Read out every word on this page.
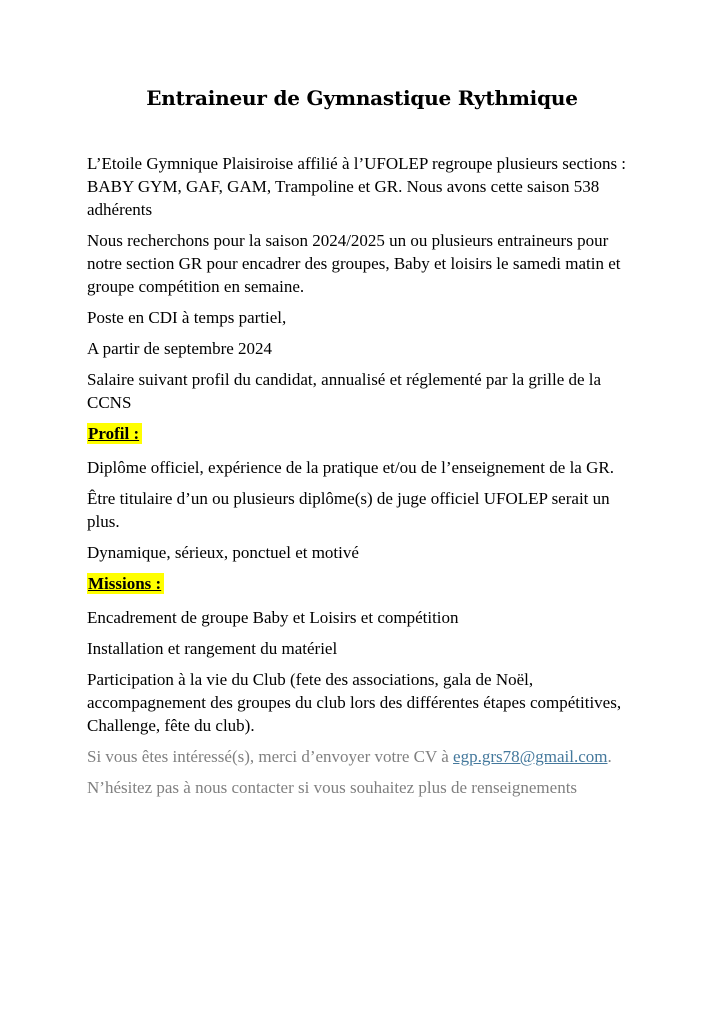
Entraineur de Gymnastique Rythmique

L’Etoile Gymnique Plaisiroise affilié à l’UFOLEP regroupe plusieurs sections : BABY GYM, GAF, GAM, Trampoline et GR. Nous avons cette saison 538 adhérents

Nous recherchons pour la saison 2024/2025 un ou plusieurs entraineurs pour notre section GR pour encadrer des groupes, Baby et loisirs le samedi matin et groupe compétition en semaine.

Poste en CDI à temps partiel,

A partir de septembre 2024

Salaire suivant profil du candidat, annualisé et réglementé par la grille de la CCNS

Profil :

Diplôme officiel, expérience de la pratique et/ou de l’enseignement de la GR.

Être titulaire d’un ou plusieurs diplôme(s) de juge officiel UFOLEP serait un plus.

Dynamique, sérieux, ponctuel et motivé

Missions :

Encadrement de groupe Baby et Loisirs et compétition

Installation et rangement du matériel

Participation à la vie du Club (fete des associations, gala de Noël, accompagnement des groupes du club lors des différentes étapes compétitives, Challenge, fête du club).

Si vous êtes intéressé(s), merci d’envoyer votre CV à egp.grs78@gmail.com.

N’hésitez pas à nous contacter si vous souhaitez plus de renseignements
